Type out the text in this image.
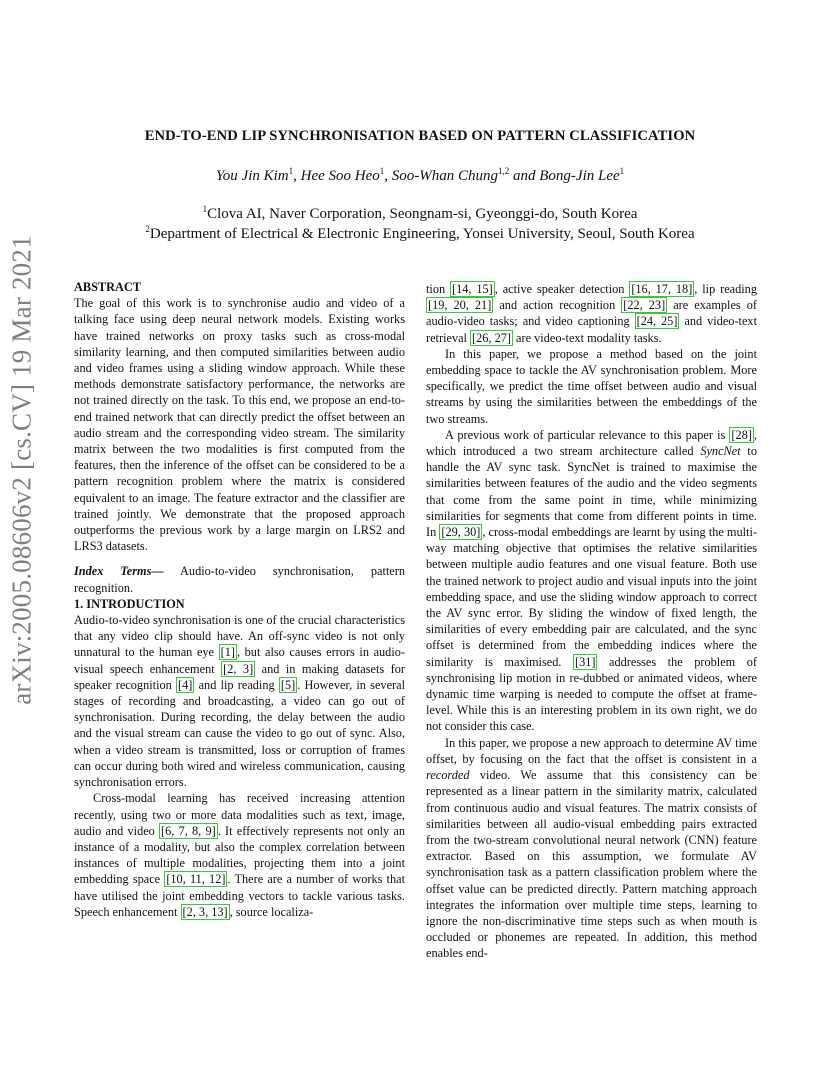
arXiv:2005.08606v2 [cs.CV] 19 Mar 2021
END-TO-END LIP SYNCHRONISATION BASED ON PATTERN CLASSIFICATION
You Jin Kim$^1$, Hee Soo Heo$^1$, Soo-Whan Chung$^{1,2}$ and Bong-Jin Lee$^1$
$^1$Clova AI, Naver Corporation, Seongnam-si, Gyeonggi-do, South Korea
$^2$Department of Electrical & Electronic Engineering, Yonsei University, Seoul, South Korea

ABSTRACT

The goal of this work is to synchronise audio and video of a talking face using deep neural network models. Existing works have trained networks on proxy tasks such as cross-modal similarity learning, and then computed similarities between audio and video frames using a sliding window approach. While these methods demonstrate satisfactory performance, the networks are not trained directly on the task. To this end, we propose an end-to-end trained network that can directly predict the offset between an audio stream and the corresponding video stream. The similarity matrix between the two modalities is first computed from the features, then the inference of the offset can be considered to be a pattern recognition problem where the matrix is considered equivalent to an image. The feature extractor and the classifier are trained jointly. We demonstrate that the proposed approach outperforms the previous work by a large margin on LRS2 and LRS3 datasets.

Index Terms— Audio-to-video synchronisation, pattern recognition.

1. INTRODUCTION

Audio-to-video synchronisation is one of the crucial characteristics that any video clip should have. An off-sync video is not only unnatural to the human eye [1] , but also causes errors in audio-visual speech enhancement [2, 3] and in making datasets for speaker recognition [4] and lip reading [5] . However, in several stages of recording and broadcasting, a video can go out of synchronisation. During recording, the delay between the audio and the visual stream can cause the video to go out of sync. Also, when a video stream is transmitted, loss or corruption of frames can occur during both wired and wireless communication, causing synchronisation errors.

Cross-modal learning has received increasing attention recently, using two or more data modalities such as text, image, audio and video [6, 7, 8, 9] . It effectively represents not only an instance of a modality, but also the complex correlation between instances of multiple modalities, projecting them into a joint embedding space [10, 11, 12] . There are a number of works that have utilised the joint embedding vectors to tackle various tasks. Speech enhancement [2, 3, 13] , source localiza-

tion [14, 15] , active speaker detection [16, 17, 18] , lip reading [19, 20, 21] and action recognition [22, 23] are examples of audio-video tasks; and video captioning [24, 25] and video-text retrieval [26, 27] are video-text modality tasks.

In this paper, we propose a method based on the joint embedding space to tackle the AV synchronisation problem. More specifically, we predict the time offset between audio and visual streams by using the similarities between the embeddings of the two streams.

A previous work of particular relevance to this paper is [28] , which introduced a two stream architecture called SyncNet to handle the AV sync task. SyncNet is trained to maximise the similarities between features of the audio and the video segments that come from the same point in time, while minimizing similarities for segments that come from different points in time. In [29, 30] , cross-modal embeddings are learnt by using the multi-way matching objective that optimises the relative similarities between multiple audio features and one visual feature. Both use the trained network to project audio and visual inputs into the joint embedding space, and use the sliding window approach to correct the AV sync error. By sliding the window of fixed length, the similarities of every embedding pair are calculated, and the sync offset is determined from the embedding indices where the similarity is maximised. [31] addresses the problem of synchronising lip motion in re-dubbed or animated videos, where dynamic time warping is needed to compute the offset at frame-level. While this is an interesting problem in its own right, we do not consider this case.

In this paper, we propose a new approach to determine AV time offset, by focusing on the fact that the offset is consistent in a recorded video. We assume that this consistency can be represented as a linear pattern in the similarity matrix, calculated from continuous audio and visual features. The matrix consists of similarities between all audio-visual embedding pairs extracted from the two-stream convolutional neural network (CNN) feature extractor. Based on this assumption, we formulate AV synchronisation task as a pattern classification problem where the offset value can be predicted directly. Pattern matching approach integrates the information over multiple time steps, learning to ignore the non-discriminative time steps such as when mouth is occluded or phonemes are repeated. In addition, this method enables end-
